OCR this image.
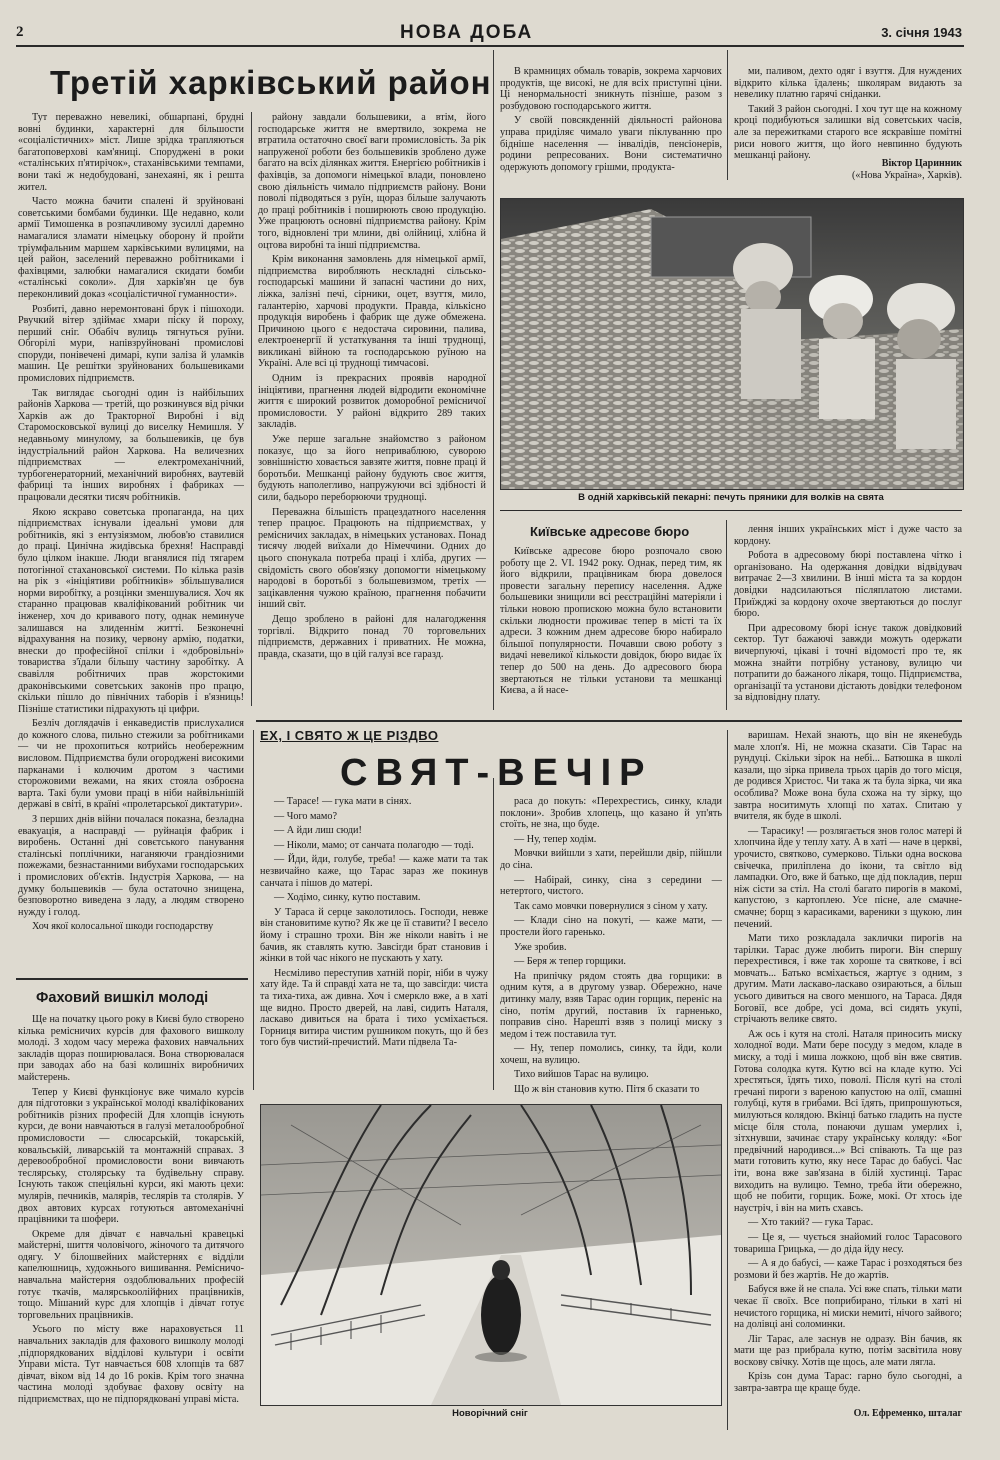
2	НОВА ДОБА	3. січня 1943
Третій харківський район

Тут переважно невеликі, обшарпані, брудні вовні будинки, характерні для більшости «соціалістичних» міст. Лише зрідка трапляються багатоповерхові кам'яниці. Споруджені в роки «сталінських п'ятирічок», стаханівськими темпами, вони такі ж недобудовані, занехаяні, як і решта жител.

Часто можна бачити спалені й зруйновані советськими бомбами будинки. Ще недавно, коли армії Тимошенка в розпачливому зусиллі даремно намагалися зламати німецьку оборону й пройти тріумфальним маршем харківськими вулицями, на цей район, заселений переважно робітниками і фахівцями, залюбки намагалися скидати бомби «сталінські соколи». Для харків'ян це був переконливий доказ «соціалістичної гуманности».

Розбиті, давно неремонтовані брук і пішоходи. Рвучкий вітер здіймає хмари піску й пороху, перший сніг. Обабіч вулиць тягнуться руїни. Обгорілі мури, напівзруйновані промислові споруди, понівечені димарі, купи заліза й уламків машин. Це решітки зруйнованих большевиками промислових підприємств.

Так виглядає сьогодні один із найбільших районів Харкова — третій, що розкинувся від річки Харків аж до Тракторної Виробні і від Старомосковської вулиці до виселку Немишля. У недавньому минулому, за большевиків, це був індустріальний район Харкова. На величезних підприємствах — електромеханічний, турбогенераторний, механічний виробнях, ваутевій фабриці та інших виробнях і фабриках — працювали десятки тисяч робітників.

Якою яскраво советська пропаганда, на цих підприємствах існували ідеальні умови для робітників, які з ентузіязмом, любов'ю ставилися до праці. Цинічна жидівська брехня! Насправді було цілком інакше. Люди вганялися під тягарем потогінної стахановської системи. По кілька разів на рік з «ініціятиви робітників» збільшувалися норми виробітку, а розцінки зменшувалися. Хоч як старанно працював кваліфікований робітник чи інженер, хоч до кривавого поту, однак неминуче залишався на злиденнім житті. Безконечні відрахування на позику, червону армію, податки, внески до професійної спілки і «добровільні» товариства з'їдали більшу частину заробітку. А свавілля робітничих прав жорстокими драконівськими советських законів про працю, скільки пішло до північних таборів і в'язниць! Пізніше статистики підрахують ці цифри.

Безліч доглядачів і енкаведистів прислухалися до кожного слова, пильно стежили за робітниками — чи не прохопиться котрийсь необережним висловом. Підприємства були огороджені високими парканами і колючим дротом з частими сторожовими вежами, на яких стояла озброєна варта. Такі були умови праці в ніби найвільнішій державі в світі, в країні «пролетарської диктатури».

З перших днів війни почалася показна, безладна евакуація, а насправді — руйнація фабрик і виробень. Останні дні совєтського панування сталінські поплічники, наганяючи грандіозними пожежами, безнастанними вибухами господарських і промислових об'єктів. Індустрія Харкова, — на думку большевиків — була остаточно знищена, безповоротно виведена з ладу, а людям створено нужду і голод.

Хоч якої колосальної шкоди господарству

району завдали большевики, а втім, його господарське життя не вмертвило, зокрема не втратила остаточно своєї ваги промисловість. За рік напруженої роботи без большевиків зроблено дуже багато на всіх ділянках життя. Енергією робітників і фахівців, за допомоги німецької влади, поновлено свою діяльність чимало підприємств району. Вони поволі підводяться з руїн, щораз більше залучають до праці робітників і поширюють свою продукцію. Уже працюють основні підприємства району. Крім того, відновлені три млини, дві олійниці, хлібна й оцтова виробні та інші підприємства.

Крім виконання замовлень для німецької армії, підприємства виробляють нескладні сільсько-господарські машини й запасні частини до них, ліжка, залізні печі, сірники, оцет, взуття, мило, галантерію, харчові продукти. Правда, кількісно продукція виробень і фабрик ще дуже обмежена. Причиною цього є недостача сировини, палива, електроенергії й устаткування та інші труднощі, викликані війною та господарською руїною на Україні. Але всі ці труднощі тимчасові.

Одним із прекрасних проявів народної ініціятиви, прагнення людей відродити економічне життя є широкий розвиток доморобної ремісничої промисловости. У районі відкрито 289 таких закладів.

Уже перше загальне знайомство з районом показує, що за його неприваблюю, суворою зовнішністю ховається завзяте життя, повне праці й боротьби. Мешканці району будують своє життя, будують наполегливо, напружуючи всі здібності й сили, бадьоро переборюючи труднощі.

Переважна більшість працездатного населення тепер працює. Працюють на підприємствах, у ремісничих закладах, в німецьких установах. Понад тисячу людей виїхали до Німеччини. Одних до цього спонукала потреба праці і хліба, других — свідомість свого обов'язку допомогти німецькому народові в боротьбі з большевизмом, третіх — зацікавлення чужою країною, прагнення побачити інший світ.

Дещо зроблено в районі для налагодження торгівлі. Відкрито понад 70 торговельних підприємств, державних і приватних. Не можна, правда, сказати, що в цій галузі все гаразд.

В крамницях обмаль товарів, зокрема харчових продуктів, ще високі, не для всіх приступні ціни. Ці ненормальності зникнуть пізніше, разом з розбудовою господарського життя.

У своїй повсякденній діяльності районова управа приділяє чимало уваги піклуванню про бідніше населення — інвалідів, пенсіонерів, родини репресованих. Вони систематично одержують допомогу грішми, продукта-

ми, паливом, дехто одяг і взуття. Для нуждених відкрито кілька їдалень; школярам видають за невелику платню гарячі сніданки.

Такий З район сьогодні. І хоч тут ще на кожному кроці подибуються залишки від советських часів, але за пережитками старого все яскравіше помітні риси нового життя, що його невпинно будують мешканці району.

Віктор Царинник
(«Нова Україна», Харків).
В одній харківській пекарні: печуть пряники для волків на свята
Київське адресове бюро

Київське адресове бюро розпочало свою роботу ще 2. VI. 1942 року. Однак, перед тим, як його відкрили, працівникам бюра довелося провести загальну перепису населення. Адже большевики знищили всі реєстраційні матеріяли і тільки новою пропискою можна було встановити скільки людности проживає тепер в місті та їх адреси. З кожним днем адресове бюро набирало більшої популярности. Почавши свою роботу з видачі невеликої кількости довідок, бюро видає їх тепер до 500 на день. До адресового бюра звертаються не тільки установи та мешканці Києва, а й насе-

лення інших українських міст і дуже часто за кордону.

Робота в адресовому бюрі поставлена чітко і організовано. На одержання довідки відвідувач витрачає 2—3 хвилини. В інші міста та за кордон довідки надсилаються післяплатою листами. Приїжджі за кордону охоче звертаються до послуг бюро.

При адресовому бюрі існує також довідковий сектор. Тут бажаючі завжди можуть одержати вичерпуючі, цікаві і точні відомості про те, як можна знайти потрібну установу, вулицю чи потрапити до бажаного лікаря, тощо. Підприємства, організації та установи дістають довідки телефоном за відповідну плату.

ЕХ, І СВЯТО Ж ЦЕ РІЗДВО
СВЯТ-ВЕЧІР

— Тарасе! — гука мати в сінях.

— Чого мамо?

— А йди лиш сюди!

— Ніколи, мамо; от санчата полагодю — тоді.

— Йди, йди, голубе, треба! — каже мати та так незвичайно каже, що Тарас зараз же покинув санчата і пішов до матері.

— Ходімо, синку, кутю поставим.

У Тараса й серце заколотилось. Господи, невже він становитиме кутю? Як же це її ставити? І весело йому і страшно трохи. Він же ніколи навіть і не бачив, як ставлять кутю. Завсігди брат становив і жінки в той час нікого не пускають у хату.

Несміливо переступив хатній поріг, ніби в чужу хату йде. Та й справді хата не та, що завсігди: чиста та тиха-тиха, аж дивна. Хоч і смеркло вже, а в хаті ще видно. Просто дверей, на лаві, сидить Наталя, ласкаво дивиться на брата і тихо усміхається. Горниця витира чистим рушником покуть, що й без того був чистий-пречистий. Мати підвела Та-

раса до покуть: «Перехрестись, синку, клади поклони». Зробив хлопець, що казано й уп'ять стоїть, не зна, що буде.

— Ну, тепер ходім.

Мовчки вийшли з хати, перейшли двір, пійшли до сіна.

— Набірай, синку, сіна з середини — нетертого, чистого.

Так само мовчки повернулися з сіном у хату.

— Клади сіно на покуті, — каже мати, — простели його гаренько.

Уже зробив.

— Беря ж тепер горщики.

На припічку рядом стоять два горщики: в одним кутя, а в другому узвар. Обережно, наче дитинку малу, взяв Тарас один горщик, переніс на сіно, потім другий, поставив їх гарненько, поправив сіно. Нарешті взяв з полиці миску з медом і теж поставила тут.

— Ну, тепер помолись, синку, та йди, коли хочеш, на вулицю.

Тихо вийшов Тарас на вулицю.

Що ж він становив кутю. Пітя б сказати то

варишам. Нехай знають, що він не якенебудь мале хлоп'я. Ні, не можна сказати. Сів Тарас на рундуці. Скільки зірок на небі... Батюшка в школі казали, що зірка привела трьох царів до того місця, де родився Христос. Чи така ж та була зірка, чи яка особлива? Може вона була схожа на ту зірку, що завтра носитимуть хлопці по хатах. Спитаю у вчителя, як буде в школі.

— Тарасику! — розлягається знов голос матері й хлопчина йде у теплу хату. А в хаті — наче в церкві, урочисто, святково, сумерково. Тільки одна воскова свічечка, приліплена до ікони, та світло від лампадки. Ого, вже й батько, ще дід покладив, перш ніж сісти за стіл. На столі багато пирогів в макомі, капустою, з картоплею. Усе пісне, але смачне-смачне; борщ з карасиками, вареники з щукою, лин печений.

Мати тихо розкладала заклички пирогів на тарілки. Тарас дуже любить пироги. Він спершу перехрестився, і вже так хороше та святкове, і всі мовчать... Батько всміхається, жартує з одним, з другим. Мати ласкаво-ласкаво озираються, а більш усього дивиться на свого меншого, на Тараса. Дядя Боговії, все добре, усі дома, всі сидять укупі, стрічають велике свято.

Аж ось і кутя на столі. Наталя приносить миску холодної води. Мати бере посуду з медом, кладе в миску, а тоді і миша ложкою, щоб він вже святив. Готова солодка кутя. Кутю всі на кладе кутю. Усі хрестяться, їдять тихо, поволі. Після куті на столі гречані пироги з вареною капустою на олії, смашні голубці, кутя в грибами. Всі їдять, припрошуються, милуються колядою. Вкінці батько гладить на пусте місце біля стола, понаючи душам умерлих і, зітхнувши, зачинає стару українську коляду: «Бог предвічний народився...» Всі співають. Та ще раз мати готовить кутю, яку несе Тарас до бабусі. Час іти, вона вже зав'язана в білій хустинці. Тарас виходить на вулицю. Темно, треба йти обережно, щоб не побити, горщик. Боже, мокі. От хтось іде наустріч, і він на мить схавсь.

— Хто такий? — гука Тарас.

— Це я, — чується знайомий голос Тарасового товариша Грицька, — до діда йду несу.

— А я до бабусі, — каже Тарас і розходяться без розмови й без жартів. Не до жартів.

Бабуся вже й не спала. Усі вже спать, тільки мати чекає її своїх. Все поприбирано, тільки в хаті ні нечистого горщика, ні миски немиті, нічого зайвого; на долівці ані соломинки.

Ліг Тарас, але заснув не одразу. Він бачив, як мати ще раз прибрала кутю, потім засвітила нову воскову свічку. Хотів ще щось, але мати лягла.

Крізь сон дума Тарас: гарно було сьогодні, а завтра-завтра ще краще буде.

Ол. Ефременко, шталаг
Новорічний сніг
Фаховий вишкіл молоді

Ще на початку цього року в Києві було створено кілька ремісничих курсів для фахового вишколу молоді. З ходом часу мережа фахових навчальних закладів щораз поширювалася. Вона створювалася при заводах або на базі колишніх виробничих майстерень.

Тепер у Києві функціонує вже чимало курсів для підготовки з української молоді кваліфікованих робітників різних професій Для хлопців існують курси, де вони навчаються в галузі металообробної промисловости — слюсарській, токарській, ковальській, ливарській та монтажній справах. З деревообробної промисловости вони вивчають теслярську, столярську та будівельну справу. Існують також спеціяльні курси, які мають цехи: мулярів, печників, малярів, теслярів та столярів. У двох автових курсах готуються автомеханічні працівники та шофери.

Окреме для дівчат є навчальні кравецькі майстерні, шиття чоловічого, жіночого та дитячого одягу. У білошвейних майстернях є відділи капелюшниць, художнього вишивання. Ремісничо-навчальна майстерня оздоблювальних професій готує ткачів, малярськоолійфних працівників, тощо. Мішаний курс для хлопців і дівчат готує торговельних працівників.

Усього по місту вже нараховується 11 навчальних закладів для фахового вишколу молоді ,підпорядкованих відділові культури і освіти Управи міста. Тут навчається 608 хлопців та 687 дівчат, віком від 14 до 16 років. Крім того значна частина молоді здобуває фахову освіту на підприємствах, що не підпорядковані управі міста.
